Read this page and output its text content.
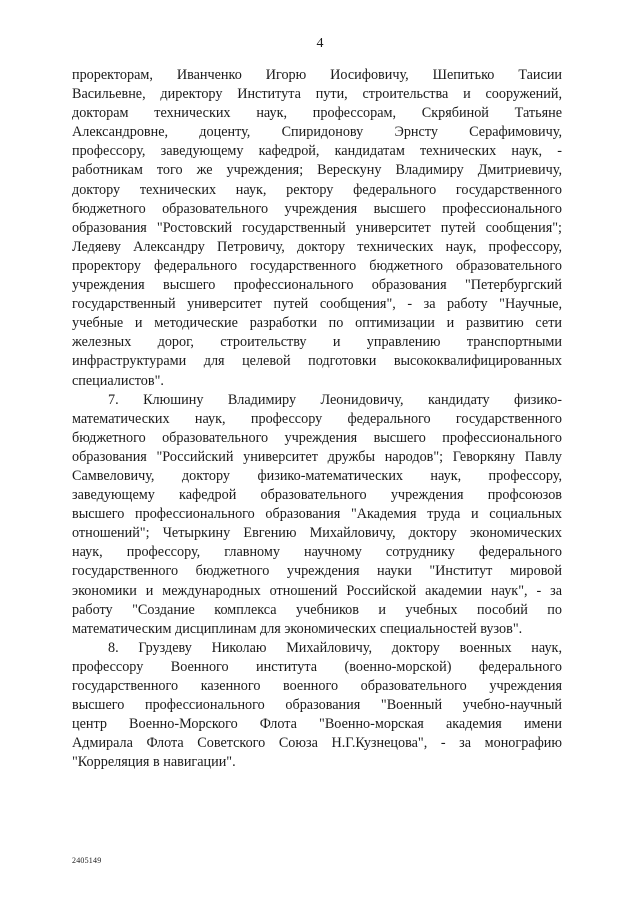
4
проректорам, Иванченко Игорю Иосифовичу, Шепитько Таисии
Васильевне, директору Института пути, строительства и сооружений,
докторам технических наук, профессорам, Скрябиной Татьяне
Александровне, доценту, Спиридонову Эрнсту Серафимовичу,
профессору, заведующему кафедрой, кандидатам технических наук, -
работникам того же учреждения; Верескуну Владимиру Дмитриевичу,
доктору технических наук, ректору федерального государственного
бюджетного образовательного учреждения высшего профессионального
образования "Ростовский государственный университет путей сообщения";
Ледяеву Александру Петровичу, доктору технических наук, профессору,
проректору федерального государственного бюджетного образовательного
учреждения высшего профессионального образования "Петербургский
государственный университет путей сообщения", - за работу "Научные,
учебные и методические разработки по оптимизации и развитию сети
железных дорог, строительству и управлению транспортными
инфраструктурами для целевой подготовки высококвалифицированных
специалистов".
7. Клюшину Владимиру Леонидовичу, кандидату физико-
математических наук, профессору федерального государственного
бюджетного образовательного учреждения высшего профессионального
образования "Российский университет дружбы народов"; Геворкяну Павлу
Самвеловичу, доктору физико-математических наук, профессору,
заведующему кафедрой образовательного учреждения профсоюзов
высшего профессионального образования "Академия труда и социальных
отношений"; Четыркину Евгению Михайловичу, доктору экономических
наук, профессору, главному научному сотруднику федерального
государственного бюджетного учреждения науки "Институт мировой
экономики и международных отношений Российской академии наук", - за
работу "Создание комплекса учебников и учебных пособий по
математическим дисциплинам для экономических специальностей вузов".
8. Груздеву Николаю Михайловичу, доктору военных наук,
профессору Военного института (военно-морской) федерального
государственного казенного военного образовательного учреждения
высшего профессионального образования "Военный учебно-научный
центр Военно-Морского Флота "Военно-морская академия имени
Адмирала Флота Советского Союза Н.Г.Кузнецова", - за монографию
"Корреляция в навигации".
2405149
